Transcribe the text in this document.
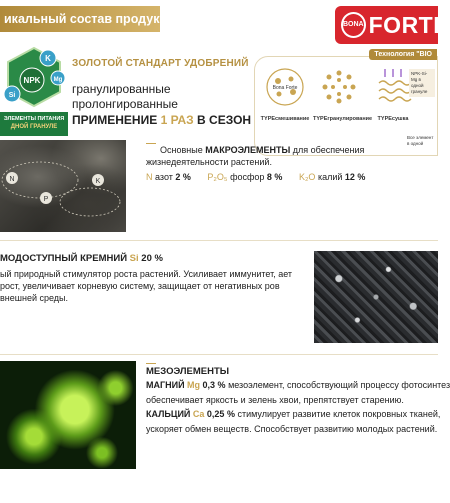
икальный состав продукта	BONA FORTE
K
Mg
NPK
Si
ЭЛЕМЕНТЫ ПИТАНИЯ
ДНОЙ ГРАНУЛЕ
ЗОЛОТОЙ СТАНДАРТ УДОБРЕНИЙ
гранулированные
пролонгированные
ПРИМЕНЕНИЕ 1 РАЗ В СЕЗОН
Технология "BIO
Bona Forte
TYPEсмешивание TYPEгранулирование TYPEсушка
NPK-Si-Mg в одной грануле
Все элемент в одной
N
P
K
Основные МАКРОЭЛЕМЕНТЫ для обеспечения жизнедеятельности растений.
N азот 2 % P₂O₅ фосфор 8 % K₂O калий 12 %
МОДОСТУПНЫЙ КРЕМНИЙ Si 20 %
ый природный стимулятор роста растений. Усиливает иммунитет, ает рост, увеличивает корневую систему, защищает от негативных ров внешней среды.
МЕЗОЭЛЕМЕНТЫ

МАГНИЙ Mg 0,3 % мезоэлемент, способствующий процессу фотосинтез

обеспечивает яркость и зелень хвои, препятствует старению.

КАЛЬЦИЙ Ca 0,25 % стимулирует развитие клеток покровных тканей,

ускоряет обмен веществ. Способствует развитию молодых растений.
